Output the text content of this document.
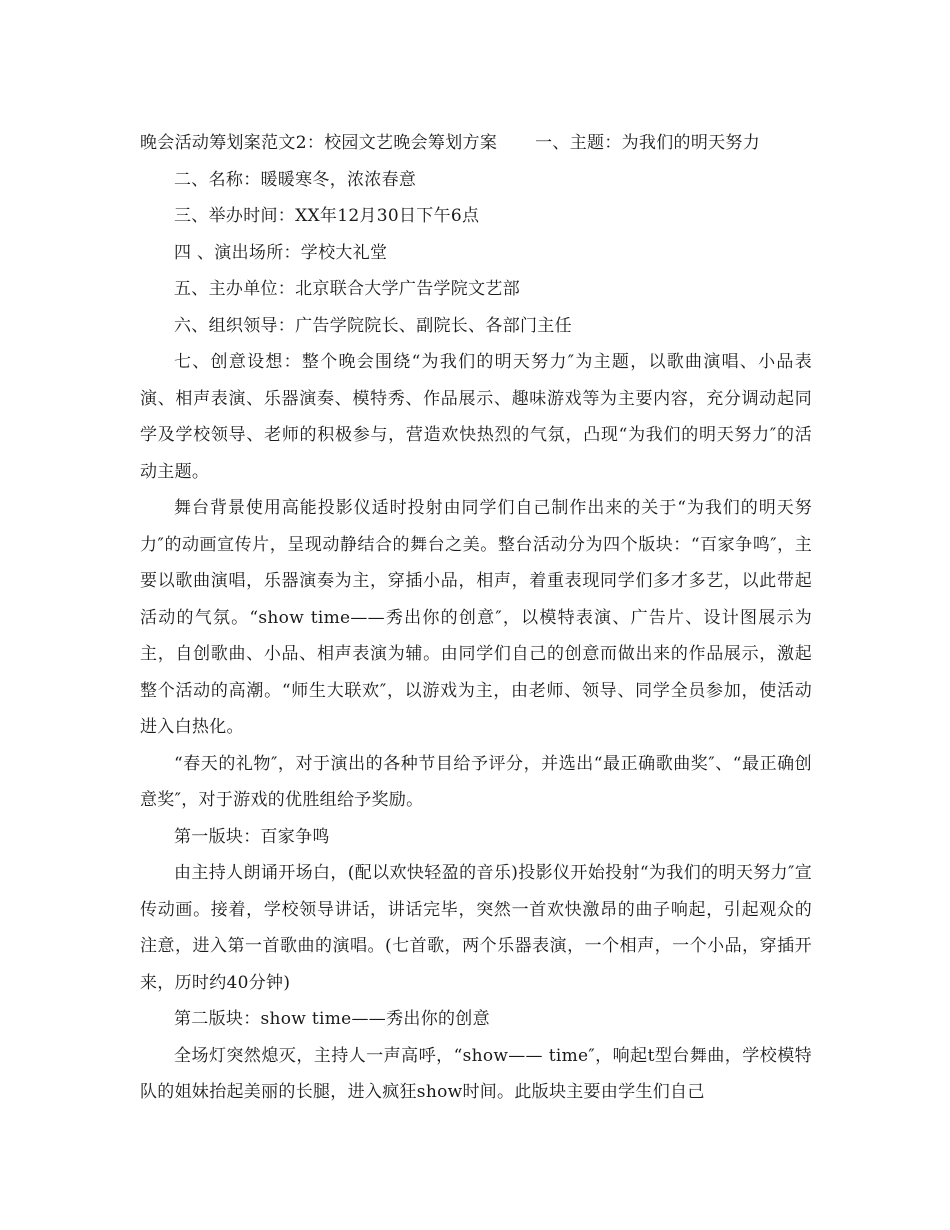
晚会活动筹划案范文2：校园文艺晚会筹划方案 一、主题：为我们的明天努力

二、名称：暖暖寒冬，浓浓春意

三、举办时间：XX年12月30日下午6点

四 、演出场所：学校大礼堂

五、主办单位：北京联合大学广告学院文艺部

六、组织领导：广告学院院长、副院长、各部门主任

七、创意设想：整个晚会围绕“为我们的明天努力″为主题，以歌曲演唱、小品表演、相声表演、乐器演奏、模特秀、作品展示、趣味游戏等为主要内容，充分调动起同学及学校领导、老师的积极参与，营造欢快热烈的气氛，凸现“为我们的明天努力″的活动主题。

舞台背景使用高能投影仪适时投射由同学们自己制作出来的关于“为我们的明天努力″的动画宣传片，呈现动静结合的舞台之美。整台活动分为四个版块：“百家争鸣″，主要以歌曲演唱，乐器演奏为主，穿插小品，相声，着重表现同学们多才多艺，以此带起活动的气氛。“show time——秀出你的创意″，以模特表演、广告片、设计图展示为主，自创歌曲、小品、相声表演为辅。由同学们自己的创意而做出来的作品展示，激起整个活动的高潮。“师生大联欢″，以游戏为主，由老师、领导、同学全员参加，使活动进入白热化。

“春天的礼物″，对于演出的各种节目给予评分，并选出“最正确歌曲奖″、“最正确创意奖″，对于游戏的优胜组给予奖励。

第一版块：百家争鸣

由主持人朗诵开场白，(配以欢快轻盈的音乐)投影仪开始投射“为我们的明天努力″宣传动画。接着，学校领导讲话，讲话完毕，突然一首欢快激昂的曲子响起，引起观众的注意，进入第一首歌曲的演唱。(七首歌，两个乐器表演，一个相声，一个小品，穿插开来，历时约40分钟)

第二版块：show time——秀出你的创意

全场灯突然熄灭，主持人一声高呼，“show—— time″，响起t型台舞曲，学校模特队的姐妹抬起美丽的长腿，进入疯狂show时间。此版块主要由学生们自己
